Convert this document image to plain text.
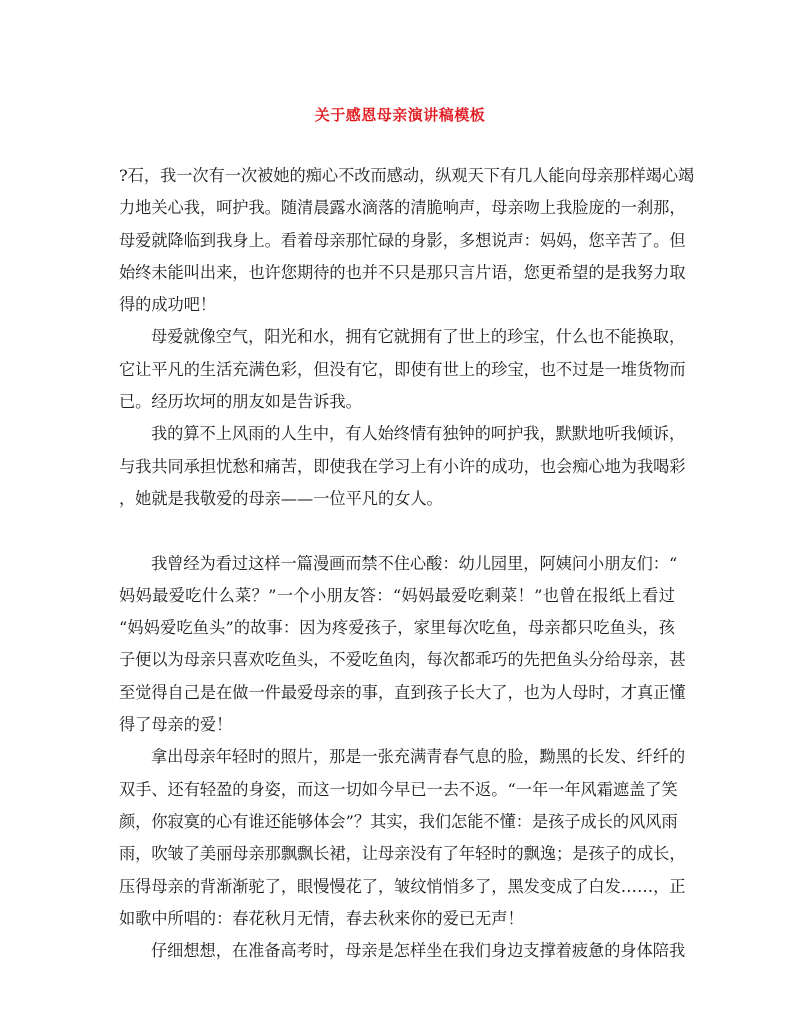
关于感恩母亲演讲稿模板
?石，我一次有一次被她的痴心不改而感动，纵观天下有几人能向母亲那样竭心竭
力地关心我，呵护我。随清晨露水滴落的清脆响声，母亲吻上我脸庞的一刹那，
母爱就降临到我身上。看着母亲那忙碌的身影，多想说声：妈妈，您辛苦了。但
始终未能叫出来，也许您期待的也并不只是那只言片语，您更希望的是我努力取
得的成功吧！
母爱就像空气，阳光和水，拥有它就拥有了世上的珍宝，什么也不能换取，
它让平凡的生活充满色彩，但没有它，即使有世上的珍宝，也不过是一堆货物而
已。经历坎坷的朋友如是告诉我。
我的算不上风雨的人生中，有人始终情有独钟的呵护我，默默地听我倾诉，
与我共同承担忧愁和痛苦，即使我在学习上有小许的成功，也会痴心地为我喝彩
，她就是我敬爱的母亲——一位平凡的女人。
我曾经为看过这样一篇漫画而禁不住心酸：幼儿园里，阿姨问小朋友们：“
妈妈最爱吃什么菜？”一个小朋友答：“妈妈最爱吃剩菜！”也曾在报纸上看过
“妈妈爱吃鱼头”的故事：因为疼爱孩子，家里每次吃鱼，母亲都只吃鱼头，孩
子便以为母亲只喜欢吃鱼头，不爱吃鱼肉，每次都乖巧的先把鱼头分给母亲，甚
至觉得自己是在做一件最爱母亲的事，直到孩子长大了，也为人母时，才真正懂
得了母亲的爱！
拿出母亲年轻时的照片，那是一张充满青春气息的脸，黝黑的长发、纤纤的
双手、还有轻盈的身姿，而这一切如今早已一去不返。“一年一年风霜遮盖了笑
颜，你寂寞的心有谁还能够体会”？其实，我们怎能不懂：是孩子成长的风风雨
雨，吹皱了美丽母亲那飘飘长裙，让母亲没有了年轻时的飘逸；是孩子的成长，
压得母亲的背渐渐驼了，眼慢慢花了，皱纹悄悄多了，黑发变成了白发……，正
如歌中所唱的：春花秋月无情，春去秋来你的爱已无声！
仔细想想，在准备高考时，母亲是怎样坐在我们身边支撑着疲惫的身体陪我
